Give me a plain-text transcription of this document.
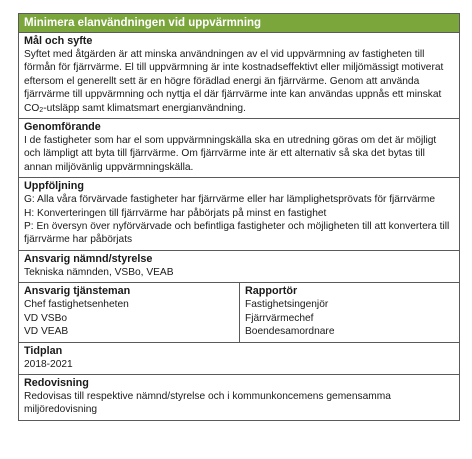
Minimera elanvändningen vid uppvärmning
Mål och syfte
Syftet med åtgärden är att minska användningen av el vid uppvärmning av fastigheten till förmån för fjärrvärme. El till uppvärmning är inte kostnadseffektivt eller miljömässigt motiverat eftersom el generellt sett är en högre förädlad energi än fjärrvärme. Genom att använda fjärrvärme till uppvärmning och nyttja el där fjärrvärme inte kan användas uppnås ett minskat $CO_2$-utsläpp samt klimatsmart energianvändning.
Genomförande
I de fastigheter som har el som uppvärmningskälla ska en utredning göras om det är möjligt och lämpligt att byta till fjärrvärme. Om fjärrvärme inte är ett alternativ så ska det bytas till annan miljövänlig uppvärmningskälla.
Uppföljning
G: Alla våra förvärvade fastigheter har fjärrvärme eller har lämplighetsprövats för fjärrvärme
H: Konverteringen till fjärrvärme har påbörjats på minst en fastighet
P: En översyn över nyförvärvade och befintliga fastigheter och möjligheten till att konvertera till fjärrvärme har påbörjats
Ansvarig nämnd/styrelse
Tekniska nämnden, VSBo, VEAB
Ansvarig tjänsteman
Chef fastighetsenheten
VD VSBo
VD VEAB
Rapportör
Fastighetsingenjör
Fjärrvärmechef
Boendesamordnare
Tidplan
2018-2021
Redovisning
Redovisas till respektive nämnd/styrelse och i kommunkoncemens gemensamma miljöredovisning
